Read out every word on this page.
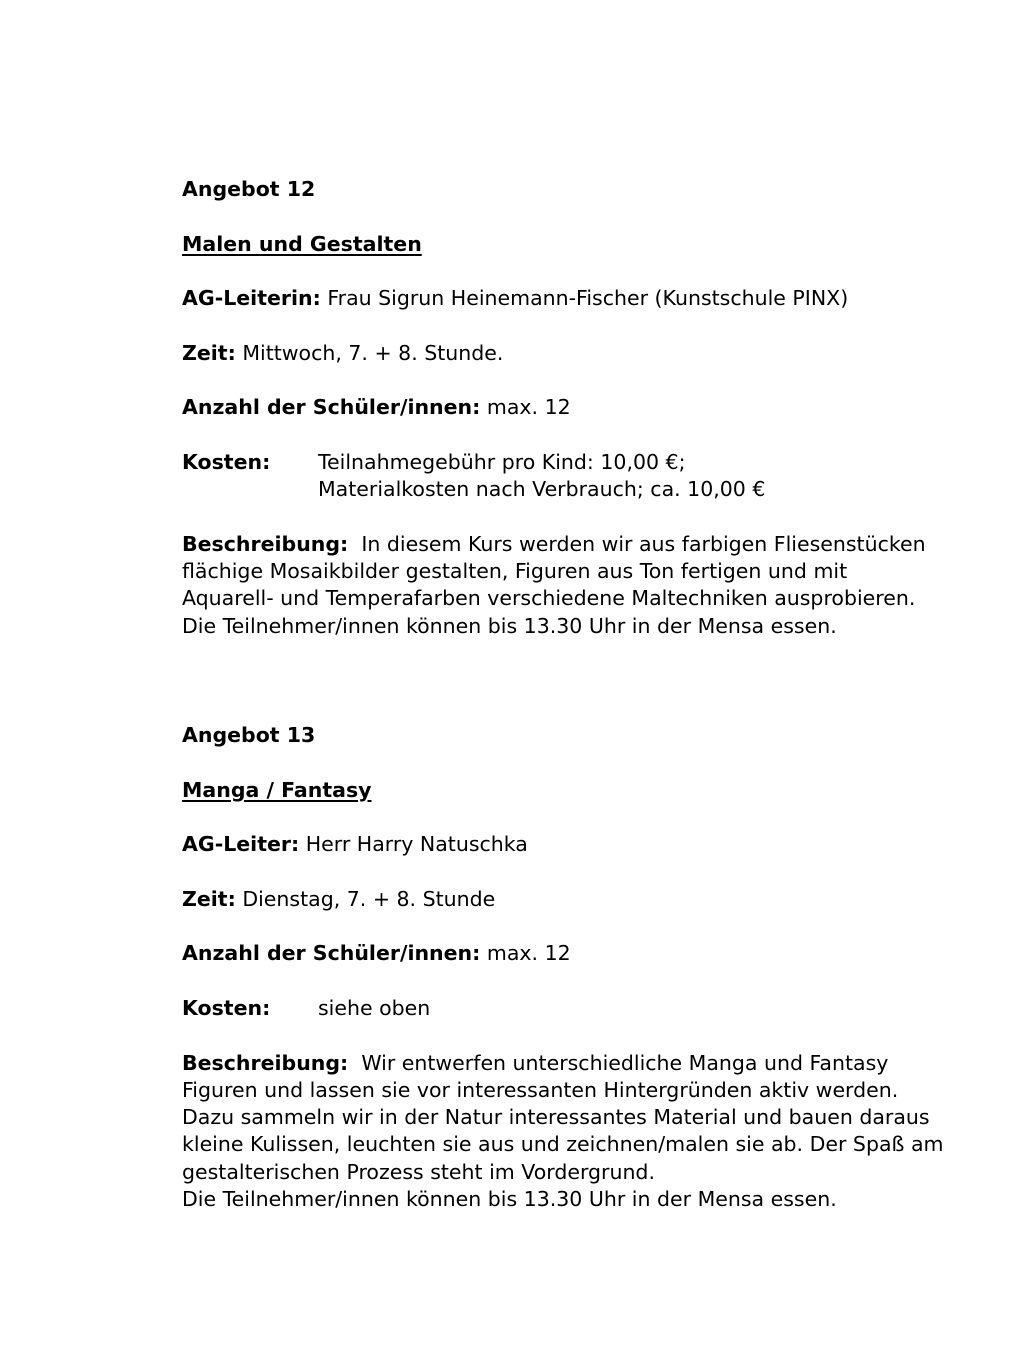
Angebot 12
Malen und Gestalten
AG-Leiterin: Frau Sigrun Heinemann-Fischer (Kunstschule PINX)
Zeit: Mittwoch, 7. + 8. Stunde.
Anzahl der Schüler/innen: max. 12
Kosten: Teilnahmegebühr pro Kind: 10,00 €;
Materialkosten nach Verbrauch; ca. 10,00 €
Beschreibung: In diesem Kurs werden wir aus farbigen Fliesenstücken
flächige Mosaikbilder gestalten, Figuren aus Ton fertigen und mit
Aquarell- und Temperafarben verschiedene Maltechniken ausprobieren.
Die Teilnehmer/innen können bis 13.30 Uhr in der Mensa essen.
Angebot 13
Manga / Fantasy
AG-Leiter: Herr Harry Natuschka
Zeit: Dienstag, 7. + 8. Stunde
Anzahl der Schüler/innen: max. 12
Kosten: siehe oben
Beschreibung: Wir entwerfen unterschiedliche Manga und Fantasy
Figuren und lassen sie vor interessanten Hintergründen aktiv werden.
Dazu sammeln wir in der Natur interessantes Material und bauen daraus
kleine Kulissen, leuchten sie aus und zeichnen/malen sie ab. Der Spaß am
gestalterischen Prozess steht im Vordergrund.
Die Teilnehmer/innen können bis 13.30 Uhr in der Mensa essen.
